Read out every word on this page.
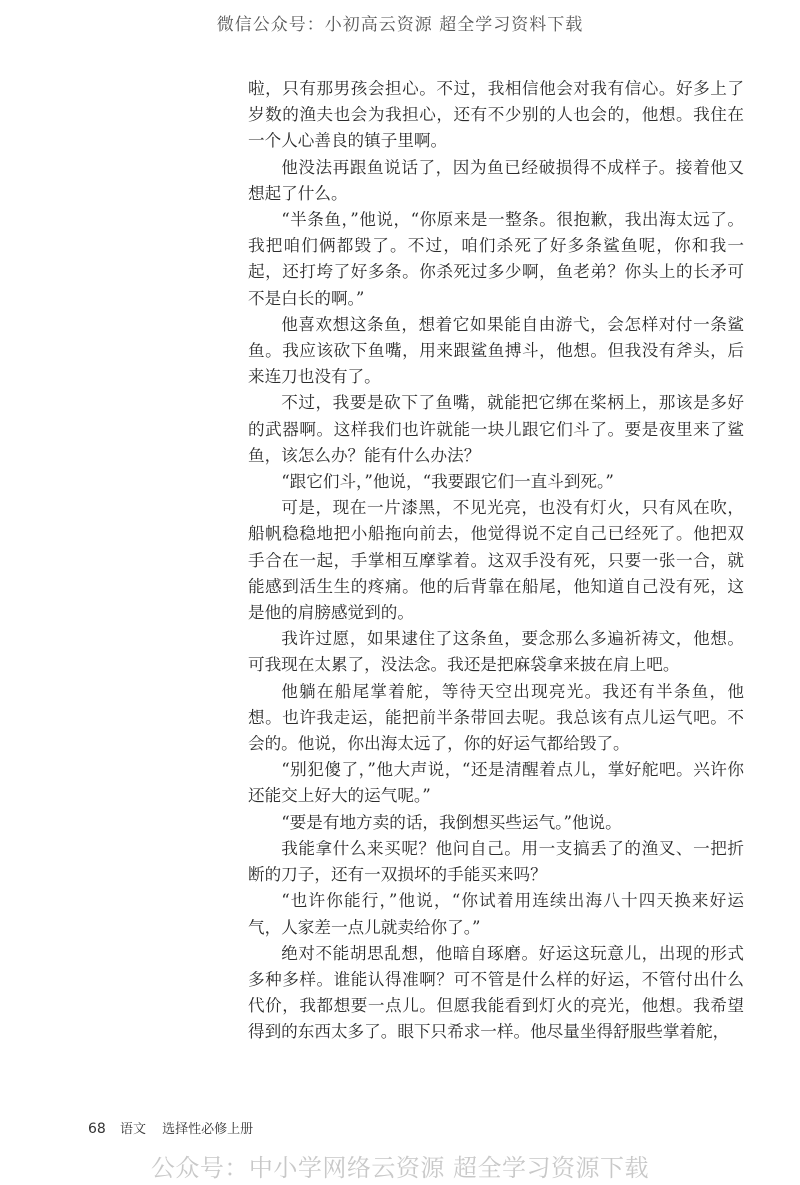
微信公众号：小初高云资源 超全学习资料下载

啦，只有那男孩会担心。不过，我相信他会对我有信心。好多上了岁数的渔夫也会为我担心，还有不少别的人也会的，他想。我住在一个人心善良的镇子里啊。

他没法再跟鱼说话了，因为鱼已经破损得不成样子。接着他又想起了什么。

“半条鱼，”他说，“你原来是一整条。很抱歉，我出海太远了。我把咱们俩都毁了。不过，咱们杀死了好多条鲨鱼呢，你和我一起，还打垮了好多条。你杀死过多少啊，鱼老弟？你头上的长矛可不是白长的啊。”

他喜欢想这条鱼，想着它如果能自由游弋，会怎样对付一条鲨鱼。我应该砍下鱼嘴，用来跟鲨鱼搏斗，他想。但我没有斧头，后来连刀也没有了。

不过，我要是砍下了鱼嘴，就能把它绑在桨柄上，那该是多好的武器啊。这样我们也许就能一块儿跟它们斗了。要是夜里来了鲨鱼，该怎么办？能有什么办法？

“跟它们斗，”他说，“我要跟它们一直斗到死。”

可是，现在一片漆黑，不见光亮，也没有灯火，只有风在吹，船帆稳稳地把小船拖向前去，他觉得说不定自己已经死了。他把双手合在一起，手掌相互摩挲着。这双手没有死，只要一张一合，就能感到活生生的疼痛。他的后背靠在船尾，他知道自己没有死，这是他的肩膀感觉到的。

我许过愿，如果逮住了这条鱼，要念那么多遍祈祷文，他想。可我现在太累了，没法念。我还是把麻袋拿来披在肩上吧。

他躺在船尾掌着舵，等待天空出现亮光。我还有半条鱼，他想。也许我走运，能把前半条带回去呢。我总该有点儿运气吧。不会的。他说，你出海太远了，你的好运气都给毁了。

“别犯傻了，”他大声说，“还是清醒着点儿，掌好舵吧。兴许你还能交上好大的运气呢。”

“要是有地方卖的话，我倒想买些运气。”他说。

我能拿什么来买呢？他问自己。用一支搞丢了的渔叉、一把折断的刀子，还有一双损坏的手能买来吗？

“也许你能行，”他说，“你试着用连续出海八十四天换来好运气，人家差一点儿就卖给你了。”

绝对不能胡思乱想，他暗自琢磨。好运这玩意儿，出现的形式多种多样。谁能认得准啊？可不管是什么样的好运，不管付出什么代价，我都想要一点儿。但愿我能看到灯火的亮光，他想。我希望得到的东西太多了。眼下只希求一样。他尽量坐得舒服些掌着舵，

68 语文 选择性必修上册
公众号：中小学网络云资源 超全学习资源下载
